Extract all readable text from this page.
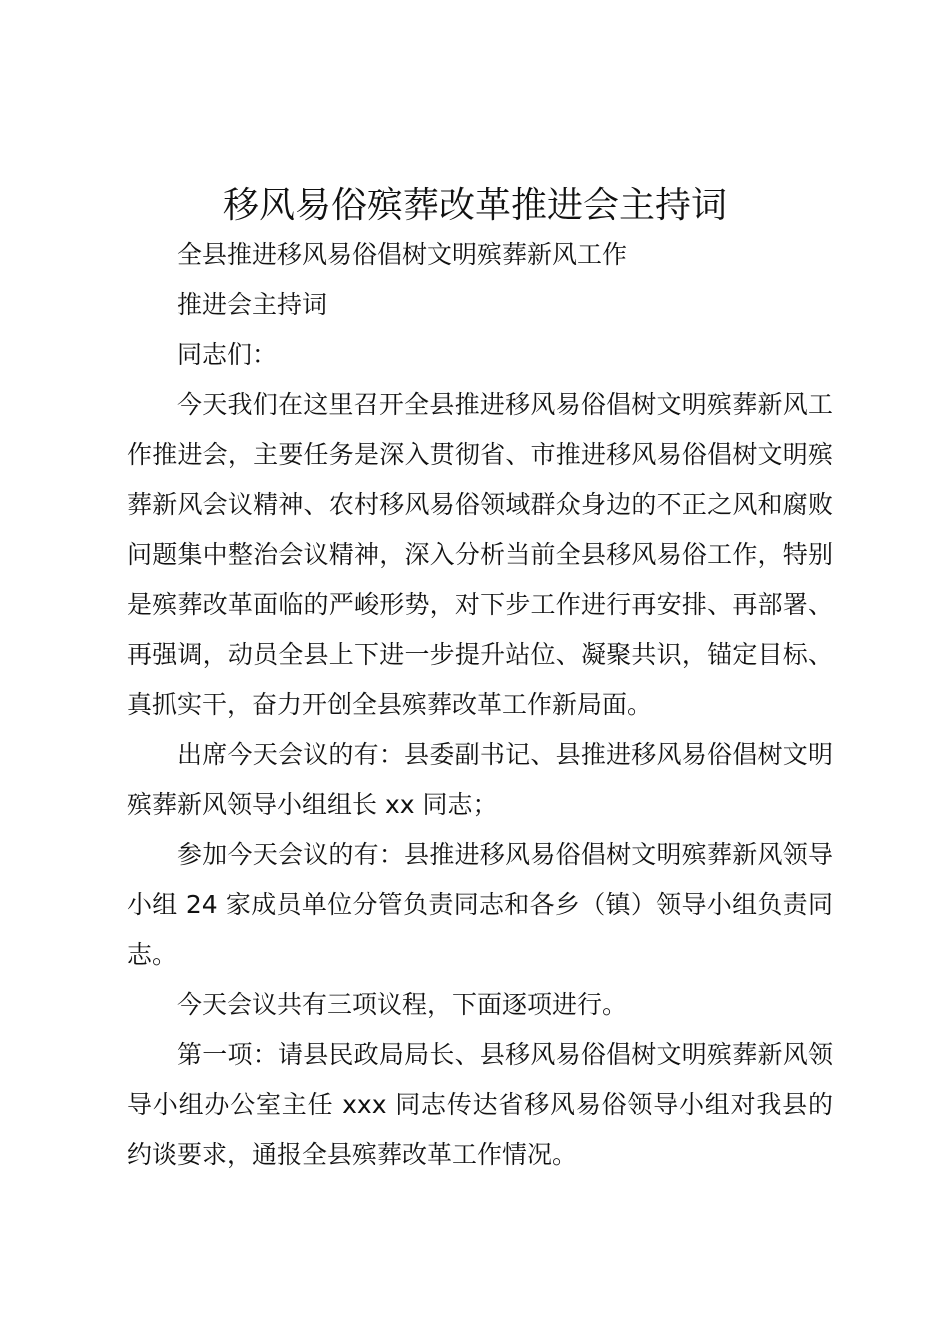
移风易俗殡葬改革推进会主持词

全县推进移风易俗倡树文明殡葬新风工作

推进会主持词

同志们：

今天我们在这里召开全县推进移风易俗倡树文明殡葬新风工作推进会，主要任务是深入贯彻省、市推进移风易俗倡树文明殡葬新风会议精神、农村移风易俗领域群众身边的不正之风和腐败问题集中整治会议精神，深入分析当前全县移风易俗工作，特别是殡葬改革面临的严峻形势，对下步工作进行再安排、再部署、再强调，动员全县上下进一步提升站位、凝聚共识，锚定目标、真抓实干，奋力开创全县殡葬改革工作新局面。

出席今天会议的有：县委副书记、县推进移风易俗倡树文明殡葬新风领导小组组长 xx 同志；

参加今天会议的有：县推进移风易俗倡树文明殡葬新风领导小组 24 家成员单位分管负责同志和各乡（镇）领导小组负责同志。

今天会议共有三项议程，下面逐项进行。

第一项：请县民政局局长、县移风易俗倡树文明殡葬新风领导小组办公室主任 xxx 同志传达省移风易俗领导小组对我县的约谈要求，通报全县殡葬改革工作情况。
